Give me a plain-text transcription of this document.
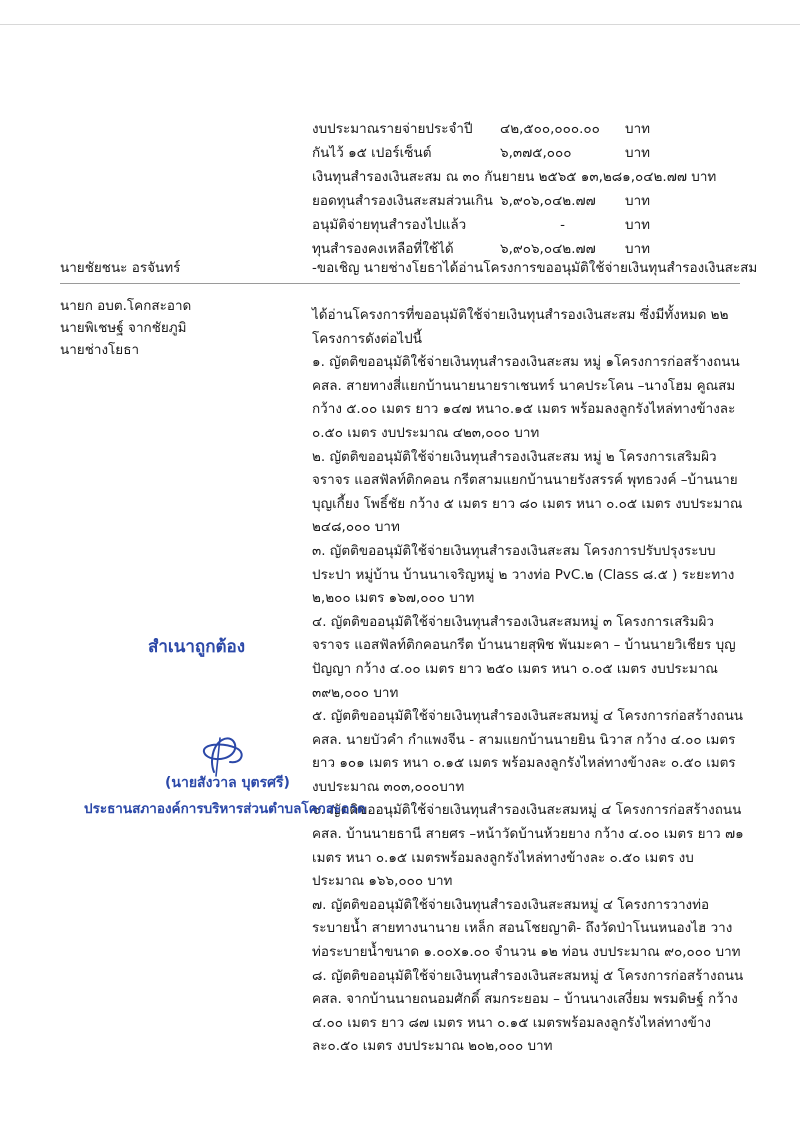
งบประมาณรายจ่ายประจำปี	๔๒,๕๐๐,๐๐๐.๐๐	บาท
กันไว้ ๑๕ เปอร์เซ็นต์	๖,๓๗๕,๐๐๐	บาท
เงินทุนสำรองเงินสะสม ณ ๓๐ กันยายน ๒๕๖๕ ๑๓,๒๘๑,๐๔๒.๗๗ บาท
ยอดทุนสำรองเงินสะสมส่วนเกิน ๖,๙๐๖,๐๔๒.๗๗	บาท
อนุมัติจ่ายทุนสำรองไปแล้ว	-	บาท
ทุนสำรองคงเหลือที่ใช้ได้	๖,๙๐๖,๐๔๒.๗๗	บาท
-ขอเชิญ นายช่างโยธาได้อ่านโครงการขออนุมัติใช้จ่ายเงินทุนสำรองเงินสะสม
นายชัยชนะ อรจันทร์
นายก อบต.โคกสะอาด
นายพิเชษฐ์ จากชัยภูมิ
นายช่างโยธา

ได้อ่านโครงการที่ขออนุมัติใช้จ่ายเงินทุนสำรองเงินสะสม ซึ่งมีทั้งหมด ๒๒ โครงการดังต่อไปนี้

๑. ญัตติขออนุมัติใช้จ่ายเงินทุนสำรองเงินสะสม หมู่ ๑โครงการก่อสร้างถนน คสล. สายทางสี่แยกบ้านนายนายราเชนทร์ นาคประโคน –นางโฮม คูณสม กว้าง ๕.๐๐ เมตร ยาว ๑๔๗ หนา๐.๑๕ เมตร พร้อมลงลูกรังไหล่ทางข้างละ ๐.๕๐ เมตร งบประมาณ ๔๒๓,๐๐๐ บาท

๒. ญัตติขออนุมัติใช้จ่ายเงินทุนสำรองเงินสะสม หมู่ ๒ โครงการเสริมผิวจราจร แอสฟัลท์ติกคอน กรีตสามแยกบ้านนายรังสรรค์ พุทธวงค์ –บ้านนายบุญเกี้ยง โพธิ์ชัย กว้าง ๕ เมตร ยาว ๘๐ เมตร หนา ๐.๐๕ เมตร งบประมาณ ๒๔๘,๐๐๐ บาท

๓. ญัตติขออนุมัติใช้จ่ายเงินทุนสำรองเงินสะสม โครงการปรับปรุงระบบประปา หมู่บ้าน บ้านนาเจริญหมู่ ๒ วางท่อ PvC.๒ (Class ๘.๕ ) ระยะทาง ๒,๒๐๐ เมตร ๑๖๗,๐๐๐ บาท

๔. ญัตติขออนุมัติใช้จ่ายเงินทุนสำรองเงินสะสมหมู่ ๓ โครงการเสริมผิวจราจร แอสฟัลท์ติกคอนกรีต บ้านนายสุพิช พันมะคา – บ้านนายวิเชียร บุญปัญญา กว้าง ๔.๐๐ เมตร ยาว ๒๕๐ เมตร หนา ๐.๐๕ เมตร งบประมาณ ๓๙๒,๐๐๐ บาท

๕. ญัตติขออนุมัติใช้จ่ายเงินทุนสำรองเงินสะสมหมู่ ๔ โครงการก่อสร้างถนน คสล. นายบัวคำ กำแพงจีน - สามแยกบ้านนายยิน นิวาส กว้าง ๔.๐๐ เมตร ยาว ๑๐๑ เมตร หนา ๐.๑๕ เมตร พร้อมลงลูกรังไหล่ทางข้างละ ๐.๕๐ เมตร งบประมาณ ๓๐๓,๐๐๐บาท

๖. ญัตติขออนุมัติใช้จ่ายเงินทุนสำรองเงินสะสมหมู่ ๔ โครงการก่อสร้างถนน คสล. บ้านนายธานี สายศร –หน้าวัดบ้านห้วยยาง กว้าง ๔.๐๐ เมตร ยาว ๗๑ เมตร หนา ๐.๑๕ เมตรพร้อมลงลูกรังไหล่ทางข้างละ ๐.๕๐ เมตร งบประมาณ ๑๖๖,๐๐๐ บาท

๗. ญัตติขออนุมัติใช้จ่ายเงินทุนสำรองเงินสะสมหมู่ ๔ โครงการวางท่อระบายน้ำ สายทางนานาย เหล็ก สอนโชยญาติ- ถึงวัดป่าโนนหนองไฮ วางท่อระบายน้ำขนาด ๑.๐๐x๑.๐๐ จำนวน ๑๒ ท่อน งบประมาณ ๙๐,๐๐๐ บาท

๘. ญัตติขออนุมัติใช้จ่ายเงินทุนสำรองเงินสะสมหมู่ ๕ โครงการก่อสร้างถนน คสล. จากบ้านนายถนอมศักดิ์ สมกระยอม – บ้านนางเสงี่ยม พรมดิษฐ์ กว้าง ๔.๐๐ เมตร ยาว ๘๗ เมตร หนา ๐.๑๕ เมตรพร้อมลงลูกรังไหล่ทางข้าง ละ๐.๕๐ เมตร งบประมาณ ๒๐๒,๐๐๐ บาท

สำเนาถูกต้อง
(นายสังวาล บุตรศรี)
ประธานสภาองค์การบริหารส่วนตำบลโคกสะอาด
